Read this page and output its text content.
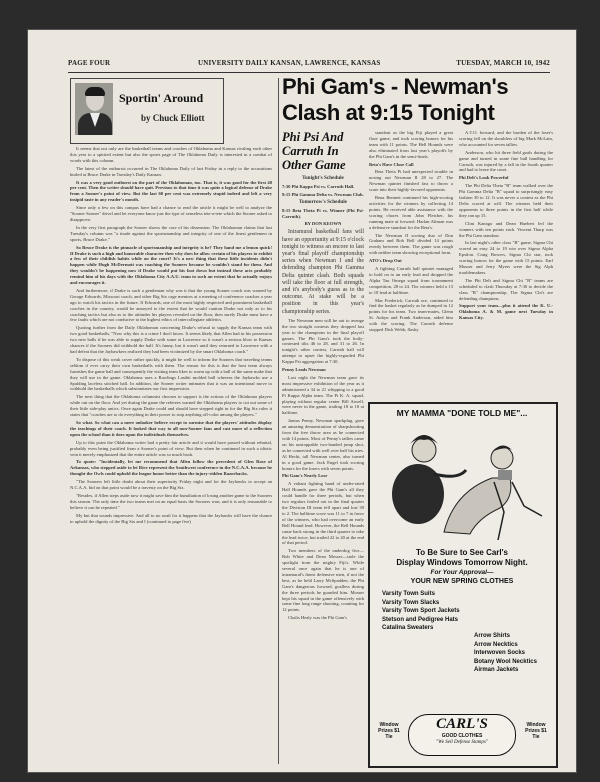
PAGE FOUR	UNIVERSITY DAILY KANSAN, LAWRENCE, KANSAS	TUESDAY, MARCH 10, 1942
Sportin' Around
by Chuck Elliott

It seems that not only are the basketball teams and coaches of Oklahoma and Kansas rivaling each other this year to a spirited extent but also the sports page of The Oklahoma Daily is interested in a combat of words with this column.

The latest of the outbursts occurred in The Oklahoma Daily of last Friday in a reply to the accusations hurled at Bruce Drake in Tuesday's Daily Kansan.

It was a very good outburst on the part of the Oklahoman, too. That is, it was good for the first 40 per cent. Then the writer should have quit. Previous to that time it was quite a logical defense of Drake from a Sooner's point of view. But the last 60 per cent was extremely stupid indeed and left a very insipid taste in any reader's mouth.

Since only a few on this campus have had a chance to read the article it might be well to analyze the "Sooner Sooner" drivel and let everyone know just the type of senseless tete-a-tete which the Sooner asked to disapprove.

In the very first paragraph the Sooner shows the core of his dissension. The Oklahoman claims that last Tuesday's column was "a tirade against the sportsmanship and integrity of one of the finest gentlemen in sports, Bruce Drake."

So Bruce Drake is the pinnacle of sportsmanship and integrity is he? They hand me a lemon quick! If Drake is such a high and honorable character then why does he allow certain of his players to exhibit a few of their childish habits while on the court? It's a new thing that these little incidents didn't happen while Hugh McDermott was coaching the Sooners because he wouldn't stand for them. And they wouldn't be happening now if Drake would put his foot down but instead these acts probably remind him of his days with the Oklahoma City A.A.U. team to such an extent that he actually enjoys and encourages it.

And furthermore, if Drake is such a gentleman why was it that the young Sooner coach was warned by George Edwards, Missouri coach, and other Big Six cage mentors at a meeting of conference coaches a year ago to watch his tactics in the future. If Edwards, one of the most highly respected and prominent basketball coaches in the country, would be annoyed to the extent that he would caution Drake not only as to his coaching tactics but also as to the attitudes his players revealed on the floor, then surely Drake must have a few faults which are not conducive to the highest ethics of intercollegiate athletics.

Quoting further from the Daily Oklahoman concerning Drake's refusal to supply the Kansas team with two good basketballs, "Now why this is a crime I don't know. It seems likely that Allen had in his possession two new balls if he was able to supply Drake with some at Lawrence so it wasn't a serious blow to Kansas chances if the Sooners did withhold the ball. It's funny, but it wasn't until they returned to Lawrence with a bad defeat that the Jayhawkers realized they had been victimized by the smart Oklahoma coach."

To dispose of this weak cover rather quickly, it might be well to inform the Sooners that traveling teams seldom if ever carry their own basketballs with them. The reason for this is that the host team always furnishes the game ball and consequently the visiting team likes to warm up with a ball of the same make that they will use in the game. Oklahoma uses a Rawlings Lasthit molded ball whereas the Jayhawks use a Spalding laceless stitched ball. In addition, the Sooner writer intimates that it was an intentional move to withhold the basketballs which substantiates our first impression.

The next thing that the Oklahoma columnist chooses to support is the actions of the Oklahoma players while out on the floor. And yet during the game the referees warned the Oklahoma players to cut out some of their little side-play antics. Once again Drake could and should have stepped right in for the Big Six rules it states that "coaches are to do everything in their power to stop anything off-color among the players."

So what. So what can a mere onlooker believe except to surmise that the players' attitudes display the teachings of their coach. It looked that way to all non-Sooner fans and cast more of a reflection upon the school than it does upon the individuals themselves.

Up to this point the Oklahoma writer had a pretty fair article and it would have passed without rebuttal, probably even being justified from a Sooner's point of view. But then when he continued in such a idiotic vein it merely emphasized that the entire article was so much bosh.

To quote: "Incidentally, let me recommend that Allen follow the precedent of Glen Rose of Arkansas, who stepped aside to let Rice represent the Southwest conference in the N.C.A.A. because he thought the Owls could uphold the league honor better than the injury-ridden Razorbacks.

"The Sooners left little doubt about their superiority Friday night and for the Jayhawks to accept an N.C.A.A. bid on that point would be a travesty on the Big Six.

"Besides, if Allen steps aside now it might save him the humiliation of losing another game to the Sooners this season. The only time the two teams met on an equal basis the Sooners won, and it is only reasonable to believe it can be repeated."

My but that sounds impressive. And all to no avail for it happens that the Jayhawks will have the chance to uphold the dignity of the Big Six and I (continued to page five)

Phi Gam's - Newman's
Clash at 9:15 Tonight
Phi Psi And
Carruth In
Other Game

Tonight's Schedule

7:30 Phi Kappa Psi vs. Carruth Hall.

9:15 Phi Gamma Delta vs. Newman Club.

Tomorrow's Schedule

8:15 Beta Theta Pi vs. Winner (Phi Psi-Carruth).

BY DON KEOWN

Intramural basketball fans will have an opportunity at 9:15 o'clock tonight to witness an encore to last year's final playoff championship series when Newman I and the defending champion Phi Gamma Delta quintet clash. Both squads will take the floor at full strength, and it's anybody's guess as to the outcome. At stake will be a position in this year's championship series.

The Newman men will be out to avenge the two straight contests they dropped last year to the champions in the final playoff games. The Phi Gam's took the hotly-contested tilts 46 to 28, and 31 to 26. In tonight's other contest, Carruth hall will attempt to upset the highly-regarded Phi Kappa Psi aggregation at 7:30.

Penny Leads Newman

Last night the Newman team gave its most impressive exhibition of the year as it administered a 34 to 21 whipping to a good Pi Kappa Alpha team. The Pi K. A. squad, playing without regular center Bill Atwell, were never in the game, trailing 18 to 10 at halftime.

Junius Penny, Newman sparkplug, gave an amazing demonstration of sharpshooting from the free throw area as he connected with 14 points. Most of Penny's tallies came on his unstoppable two-handed jump shot, as he connected with well over half his tries. Al Hecht, tall Newman center, also turned in a good game. Jack Engel took scoring honors for the losers with seven points.

Phi Gam's Nearly Lose

A valiant fighting band of under-rated Hall Hounds gave the Phi Gam's all they could handle for three periods, but when two regulars fouled out in the final quarter the Division III team fell apart and lost 39 to 2. The halftime score was 11 to 7 in favor of the winners, who had overcome an early Bell Hound lead. However, the Bell Hounds came back strong in the third quarter to take the lead twice, but trailed 22 to 20 at the end of that period.

Two members of the underdog five—Bob White and Dean Mosser—stole the spotlight from the mighty Fiji's. While several once again that he is one of intramural's finest defensive men, if not the best, as he held Larry McSpadden, the Phi Gam's dangerous forward, goalless during the three periods he guarded him. Mosser kept his squad in the game offensively with some fine long range shooting, counting for 12 points.

Chalis Healy was the Phi Gam's

standout as the big Fiji played a great floor game, and took scoring honors for his team with 11 points. The Hell Hounds were also eliminated from last year's playoffs by the Phi Gam's in the semi-finals.

Beta's Have Close Call

Beta Theta Pi had unexpected trouble in nosing out Newman II 28 to 27. The Newman quintet finished fast to throw a scare into their highly-favored opponents.

Bena Bennett continued his high-scoring activities for the winners by collecting 14 points. He received able assistance with the scoring chores from John Fletcher, his running mate at forward. Harlan Altman was a defensive standout for the Beta's.

The Newman II scoring duo of Don Graham and Bob Bell divided 14 points evenly between them. The game was rough with neither team showing exceptional form.

ATO's Drop Out

A fighting Carruth hall quintet managed to hold on to an early lead and dropped the Alpha Tau Omega squad from tournament competition, 28 to 24. The winners held a 13 to 10 lead at halftime.

Mac Frederick, Carruth ace, continued to find the basket regularly as he dumped in 12 points for his team. Two team-mates, Glenn St. Aubyn and Frank Anderson, aided him with the scoring. The Carruth defense stopped Dick Webb, flashy

A.T.O. forward, and the burden of the loser's scoring fell on the shoulders of big Mark McLain, who accounted for seven tallies.

Anderson, who hit three field goals during the game and turned in some fine ball handling for Carruth, was injured by a fall in the fourth quarter and had to leave the court.

Phi Delt's Look Powerful

The Phi Delta Theta "B" team walked over the Phi Gamma Delta "B" squad to surprisingly easy fashion 30 to 12. It was never a contest as the Phi Delts scored at will. The winners held their opponents to three points in the first half while they ran up 15.

Clint Kanaga and Dean Huebert led the winners with ten points each. Vincent Tharp was the Phi Gam standout.

In last night's other class "B" game, Sigma Chi scored an easy 24 to 19 win over Sigma Alpha Epsilon. Craig Bowers, Sigma Chi star, took scoring honors for the game with 15 points. Earl Musser and Jerry Myers were the Sig Alph troublemakers.

The Phi Delt and Sigma Chi "B" teams are scheduled to clash Thursday at 7:30 to decide the class "B" championship. The Sigma Chi's are defending champions.

Support your team—plus it attend the K. U.-Oklahoma A. & M. game next Tuesday in Kansas City.

MY MAMMA "DONE TOLD ME"...
To Be Sure to See Carl's
Display Windows Tomorrow Night.
For Your Approval—
YOUR NEW SPRING CLOTHES
Varsity Town Suits
Varsity Town Slacks
Varsity Town Sport Jackets
Stetson and Pedigree Hats
Catalina Sweaters
Arrow Shirts
Arrow Necktics
Interwoven Socks
Botany Wool Necktics
Airman Jackets
Window Prizes $1 Tie
CARL'S
GOOD CLOTHES
"We Sell Defense Stamps"
Window Prizes $1 Tie
